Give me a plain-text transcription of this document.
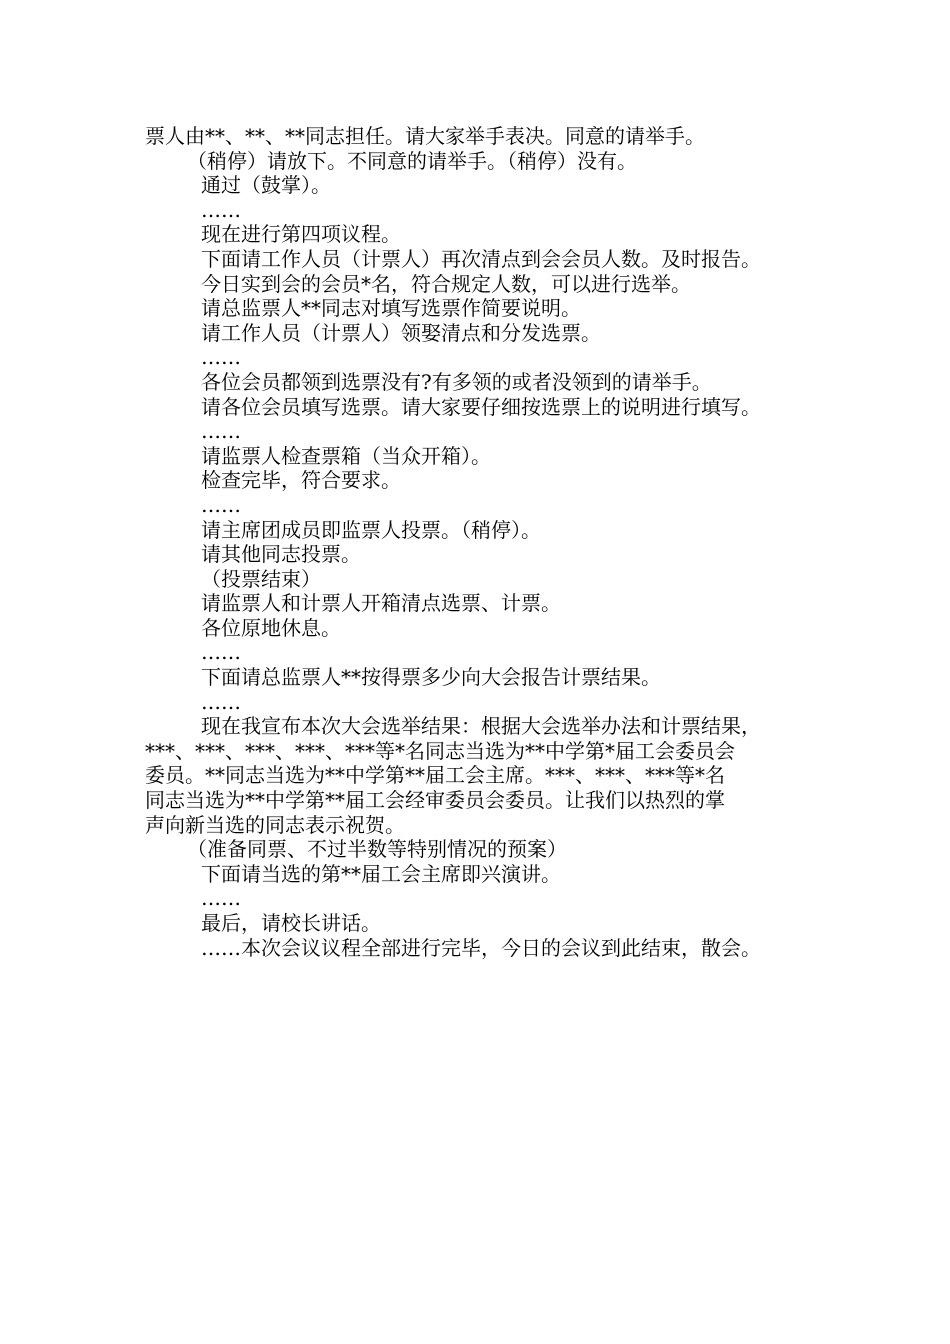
票人由**、**、**同志担任。请大家举手表决。同意的请举手。
（稍停）请放下。不同意的请举手。（稍停）没有。
通过（鼓掌）。
……
现在进行第四项议程。
下面请工作人员（计票人）再次清点到会会员人数。及时报告。
今日实到会的会员*名，符合规定人数，可以进行选举。
请总监票人**同志对填写选票作简要说明。
请工作人员（计票人）领娶清点和分发选票。
……
各位会员都领到选票没有?有多领的或者没领到的请举手。
请各位会员填写选票。请大家要仔细按选票上的说明进行填写。
……
请监票人检查票箱（当众开箱）。
检查完毕，符合要求。
……
请主席团成员即监票人投票。（稍停）。
请其他同志投票。
（投票结束）
请监票人和计票人开箱清点选票、计票。
各位原地休息。
……
下面请总监票人**按得票多少向大会报告计票结果。
……
现在我宣布本次大会选举结果：根据大会选举办法和计票结果，
***、***、***、***、***等*名同志当选为**中学第*届工会委员会
委员。**同志当选为**中学第**届工会主席。***、***、***等*名
同志当选为**中学第**届工会经审委员会委员。让我们以热烈的掌
声向新当选的同志表示祝贺。
（准备同票、不过半数等特别情况的预案）
下面请当选的第**届工会主席即兴演讲。
……
最后，请校长讲话。
……本次会议议程全部进行完毕，今日的会议到此结束，散会。
